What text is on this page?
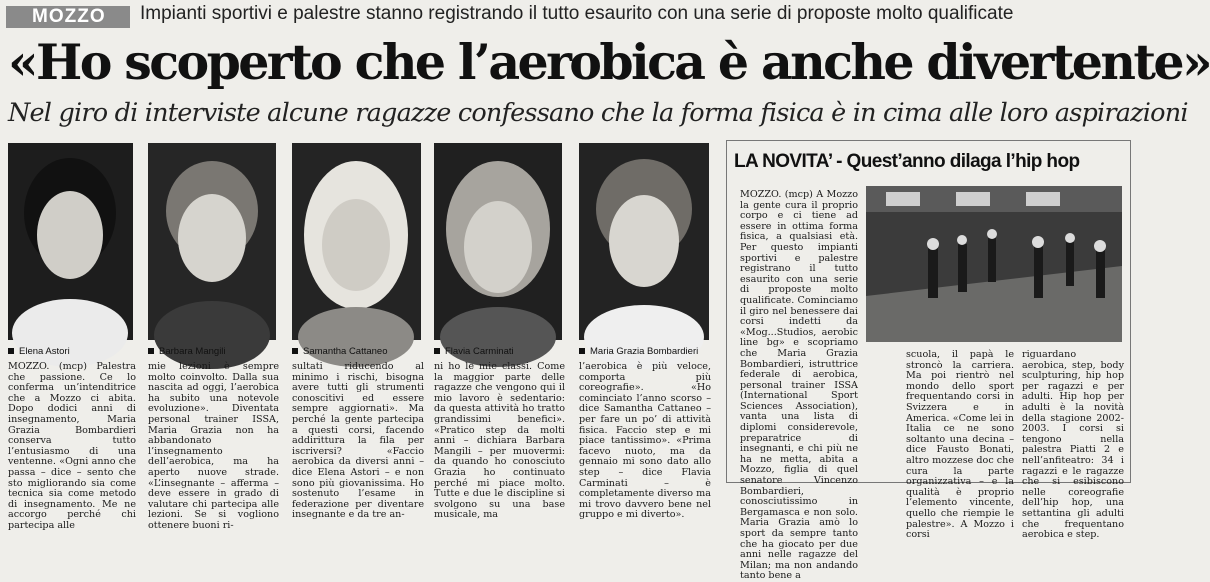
MOZZO	Impianti sportivi e palestre stanno registrando il tutto esaurito con una serie di proposte molto qualificate
«Ho scoperto che l’aerobica è anche divertente»
Nel giro di interviste alcune ragazze confessano che la forma fisica è in cima alle loro aspirazioni
Elena Astori	Barbara Mangili	Samantha Cattaneo	Flavia Carminati	Maria Grazia Bombardieri
MOZZO. (mcp) Palestra che passione. Ce lo conferma un’intenditrice che a Mozzo ci abita. Dopo dodici anni di insegnamento, Maria Grazia Bombardieri conserva tutto l’entusiasmo di una ventenne. «Ogni anno che passa – dice – sento che sto migliorando sia come tecnica sia come metodo di insegnamento. Me ne accorgo perché chi partecipa alle
mie lezioni è sempre molto coinvolto. Dalla sua nascita ad oggi, l’aerobica ha subito una notevole evoluzione». Diventata personal trainer ISSA, Maria Grazia non ha abbandonato l’insegnamento dell’aerobica, ma ha aperto nuove strade. «L’insegnante – afferma – deve essere in grado di valutare chi partecipa alle lezioni. Se si vogliono ottenere buoni ri-
sultati riducendo al minimo i rischi, bisogna avere tutti gli strumenti conoscitivi ed essere sempre aggiornati». Ma perché la gente partecipa a questi corsi, facendo addirittura la fila per iscriversi? «Faccio aerobica da diversi anni – dice Elena Astori – e non sono più giovanissima. Ho sostenuto l’esame in federazione per diventare insegnante e da tre an-
ni ho le mie classi. Come la maggior parte delle ragazze che vengono qui il mio lavoro è sedentario: da questa attività ho tratto grandissimi benefici». «Pratico step da molti anni – dichiara Barbara Mangili – per muovermi: da quando ho conosciuto Grazia ho continuato perché mi piace molto. Tutte e due le discipline si svolgono su una base musicale, ma
l’aerobica è più veloce, comporta più coreografie». «Ho cominciato l’anno scorso – dice Samantha Cattaneo – per fare un po’ di attività fisica. Faccio step e mi piace tantissimo». «Prima facevo nuoto, ma da gennaio mi sono dato allo step – dice Flavia Carminati – è completamente diverso ma mi trovo davvero bene nel gruppo e mi diverto».
LA NOVITA’ - Quest’anno dilaga l’hip hop
MOZZO. (mcp) A Mozzo la gente cura il proprio corpo e ci tiene ad essere in ottima forma fisica, a qualsiasi età. Per questo impianti sportivi e palestre registrano il tutto esaurito con una serie di proposte molto qualificate. Cominciamo il giro nel benessere dai corsi indetti da «Mog...Studios, aerobic line bg» e scopriamo che Maria Grazia Bombardieri, istruttrice federale di aerobica, personal trainer ISSA (International Sport Sciences Association), vanta una lista di diplomi considerevole, preparatrice di insegnanti, e chi più ne ha ne metta, abita a Mozzo, figlia di quel senatore Vincenzo Bombardieri, conosciutissimo in Bergamasca e non solo. Maria Grazia amò lo sport da sempre tanto che ha giocato per due anni nelle ragazze del Milan; ma non andando tanto bene a
scuola, il papà le stroncò la carriera. Ma poi rientrò nel mondo dello sport frequentando corsi in Svizzera e in America. «Come lei in Italia ce ne sono soltanto una decina – dice Fausto Bonati, altro mozzese doc che cura la parte organizzativa – e la qualità è proprio l’elemento vincente, quello che riempie le palestre». A Mozzo i corsi
riguardano aerobica, step, body sculpturing, hip hop per ragazzi e per adulti. Hip hop per adulti è la novità della stagione 2002-2003. I corsi si tengono nella palestra Piatti 2 e nell’anfiteatro: 34 i ragazzi e le ragazze che si esibiscono nelle coreografie dell’hip hop, una settantina gli adulti che frequentano aerobica e step.
